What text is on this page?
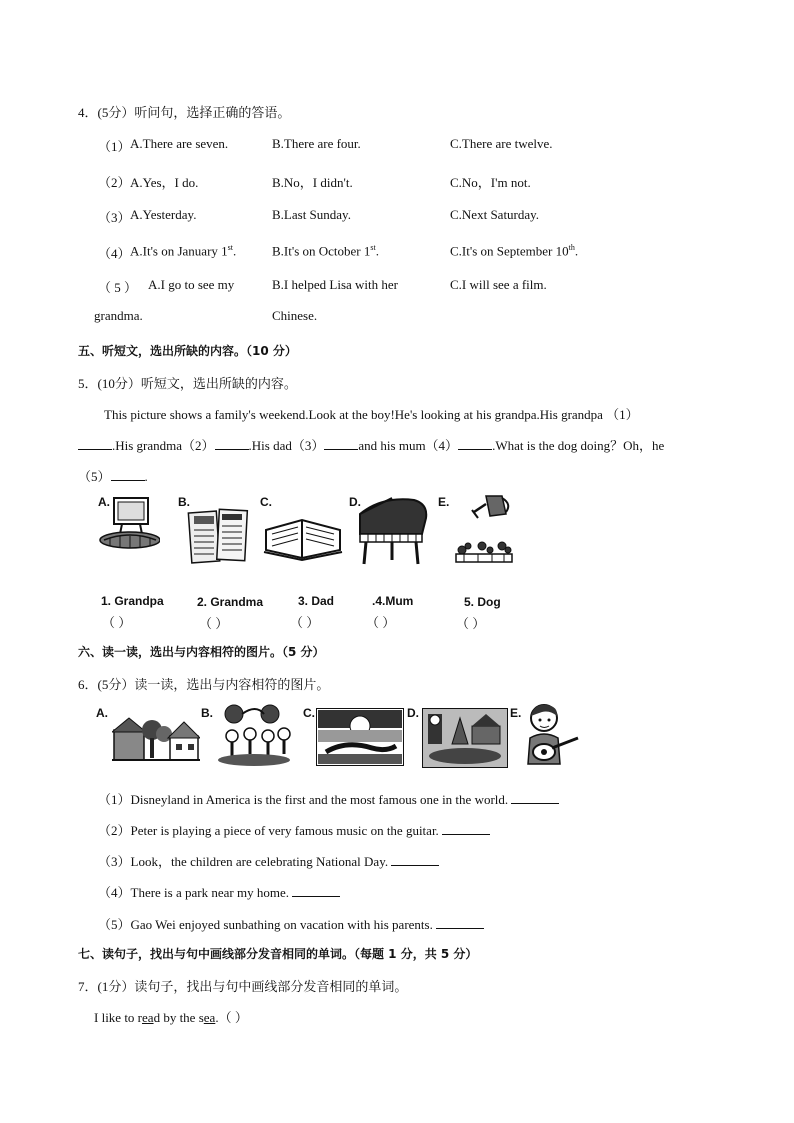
4．(5分）听问句，选择正确的答语。
（1） A.There are seven.	B.There are four.	C.There are twelve.
（2） A.Yes，I do.	B.No，I didn't.	C.No，I'm not.
（3） A.Yesterday.	B.Last Sunday.	C.Next Saturday.
（4） A.It's on January 1st.	B.It's on October 1st.	C.It's on September 10th.
（ 5 ） A.I go to see my	B.I helped Lisa with her	C.I will see a film.
grandma.	Chinese.
五、听短文，选出所缺的内容。（10 分）
5．(10分）听短文，选出所缺的内容。
This picture shows a family's weekend.Look at the boy!He's looking at his grandpa.His grandpa （1）
.His grandma（2）	.His dad（3）	and his mum（4）	.What is the dog doing？Oh，he
（5）	.
A.	B.	C.	D.	E.
1. Grandpa	2. Grandma	3. Dad	.4.Mum	5. Dog
（ ）	（ ）	（ ）	（ ）	（ ）
六、读一读，选出与内容相符的图片。（5 分）
6．(5分）读一读，选出与内容相符的图片。
A.	B.	C.	D.	E.
（1）Disneyland in America is the first and the most famous one in the world.
（2）Peter is playing a piece of very famous music on the guitar.
（3）Look，the children are celebrating National Day.
（4）There is a park near my home.
（5）Gao Wei enjoyed sunbathing on vacation with his parents.
七、读句子，找出与句中画线部分发音相同的单词。（每题 1 分，共 5 分）
7．(1分）读句子，找出与句中画线部分发音相同的单词。
I like to read by the sea.（ ）
